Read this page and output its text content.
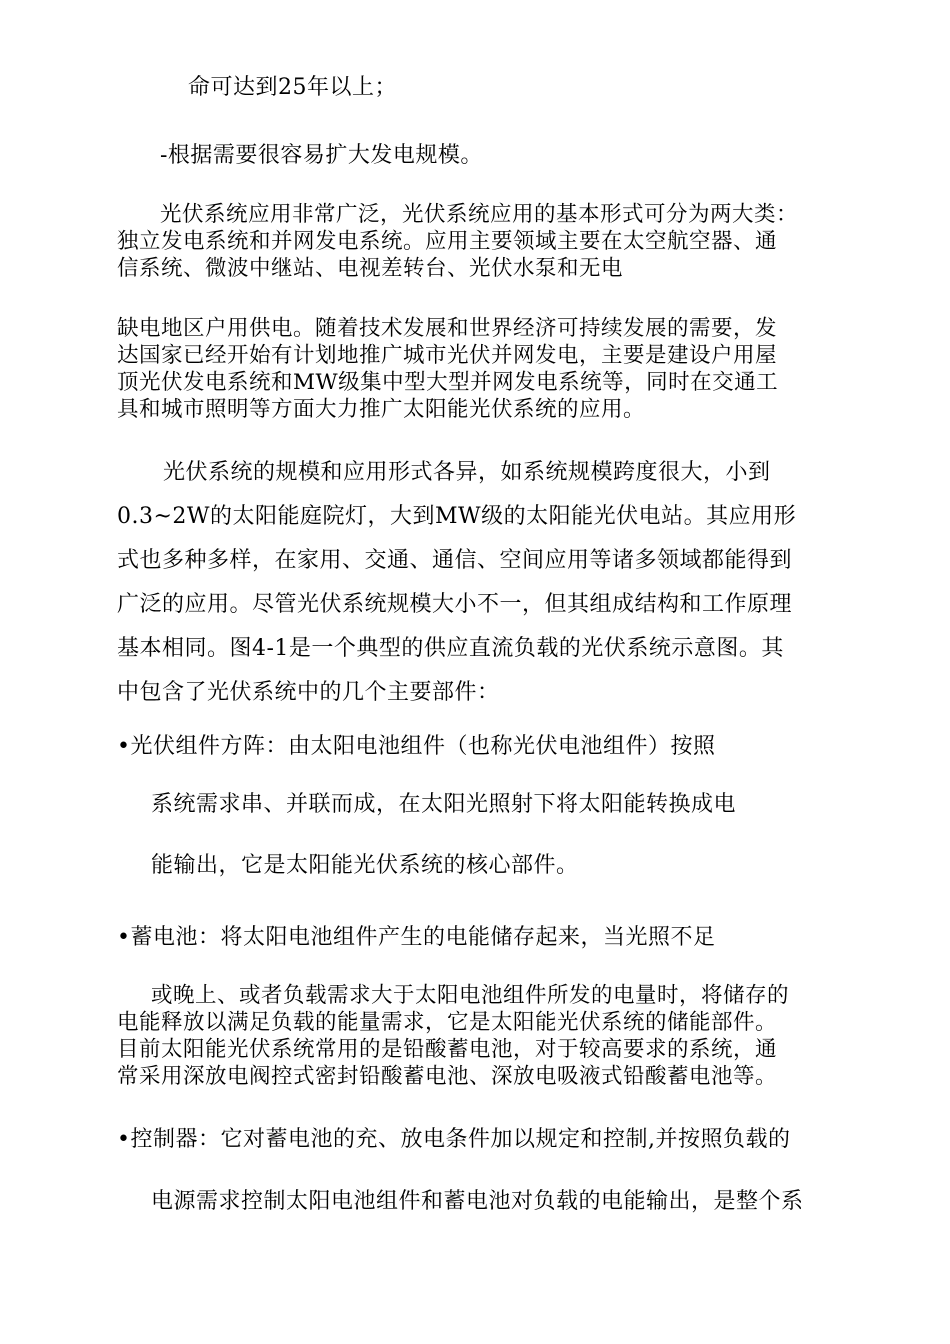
命可达到25年以上；
-根据需要很容易扩大发电规模。
光伏系统应用非常广泛，光伏系统应用的基本形式可分为两大类：
独立发电系统和并网发电系统。应用主要领域主要在太空航空器、通
信系统、微波中继站、电视差转台、光伏水泵和无电
缺电地区户用供电。随着技术发展和世界经济可持续发展的需要，发
达国家已经开始有计划地推广城市光伏并网发电，主要是建设户用屋
顶光伏发电系统和MW级集中型大型并网发电系统等，同时在交通工
具和城市照明等方面大力推广太阳能光伏系统的应用。
光伏系统的规模和应用形式各异，如系统规模跨度很大，小到
0.3~2W的太阳能庭院灯，大到MW级的太阳能光伏电站。其应用形
式也多种多样，在家用、交通、通信、空间应用等诸多领域都能得到
广泛的应用。尽管光伏系统规模大小不一，但其组成结构和工作原理
基本相同。图4-1是一个典型的供应直流负载的光伏系统示意图。其
中包含了光伏系统中的几个主要部件：
•光伏组件方阵：由太阳电池组件（也称光伏电池组件）按照
系统需求串、并联而成，在太阳光照射下将太阳能转换成电
能输出，它是太阳能光伏系统的核心部件。
•蓄电池：将太阳电池组件产生的电能储存起来，当光照不足
或晚上、或者负载需求大于太阳电池组件所发的电量时，将储存的
电能释放以满足负载的能量需求，它是太阳能光伏系统的储能部件。
目前太阳能光伏系统常用的是铅酸蓄电池，对于较高要求的系统，通
常采用深放电阀控式密封铅酸蓄电池、深放电吸液式铅酸蓄电池等。
•控制器：它对蓄电池的充、放电条件加以规定和控制,并按照负载的
电源需求控制太阳电池组件和蓄电池对负载的电能输出，是整个系
